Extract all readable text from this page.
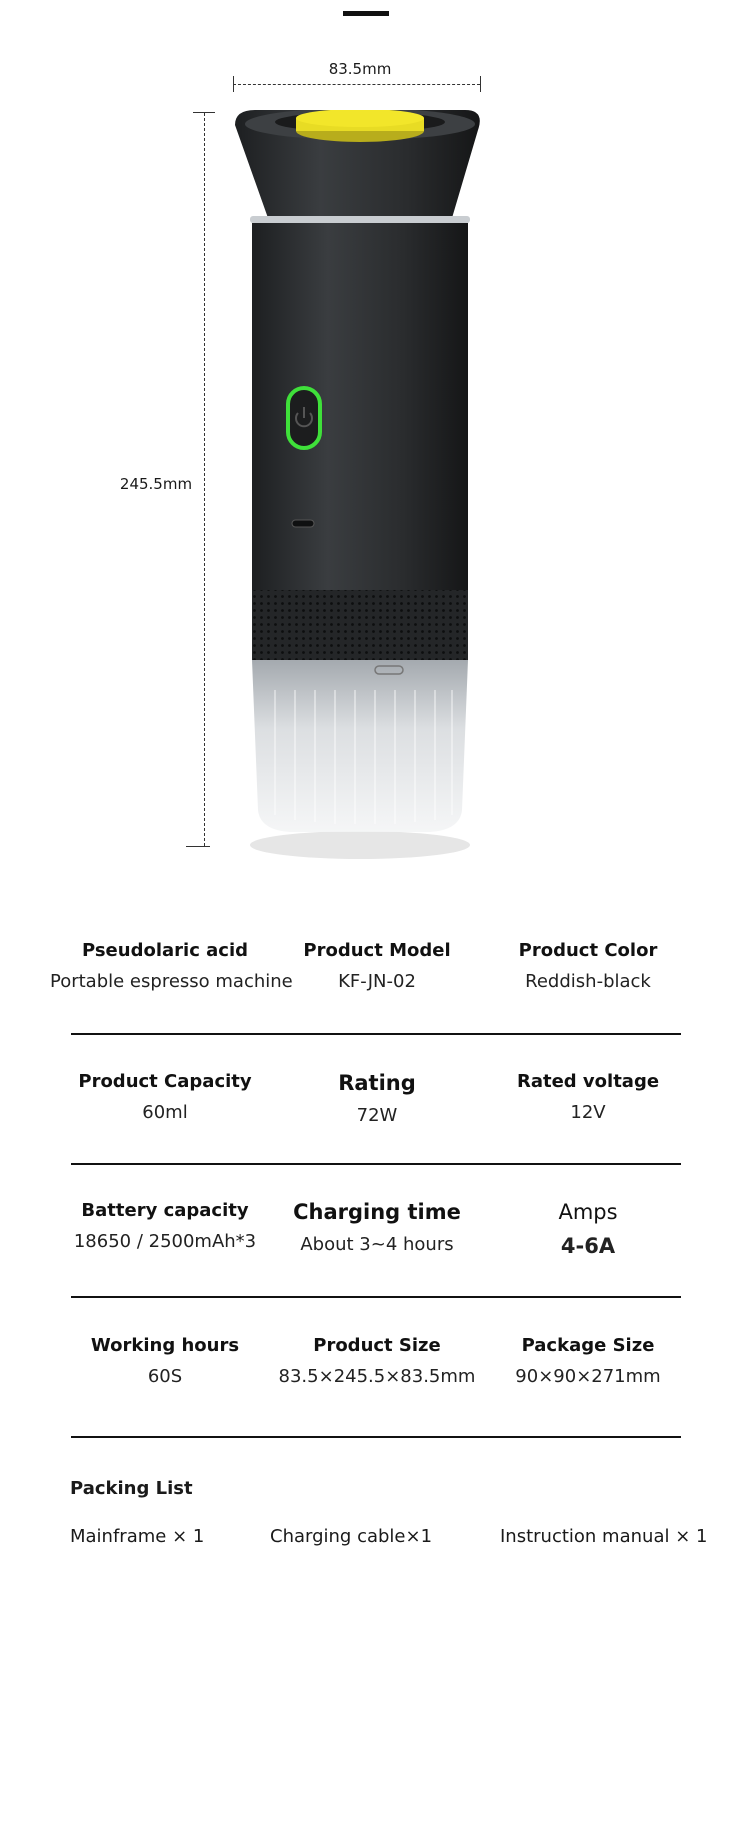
83.5mm
245.5mm
Pseudolaric acid
Portable espresso machine
Product Model
KF-JN-02
Product Color
Reddish-black
Product Capacity
60ml
Rating
72W
Rated voltage
12V
Battery capacity
18650 / 2500mAh*3
Charging time
About 3~4 hours
Amps
4-6A
Working hours
60S
Product Size
83.5×245.5×83.5mm
Package Size
90×90×271mm
Packing List
Mainframe × 1	Charging cable×1	Instruction manual × 1
